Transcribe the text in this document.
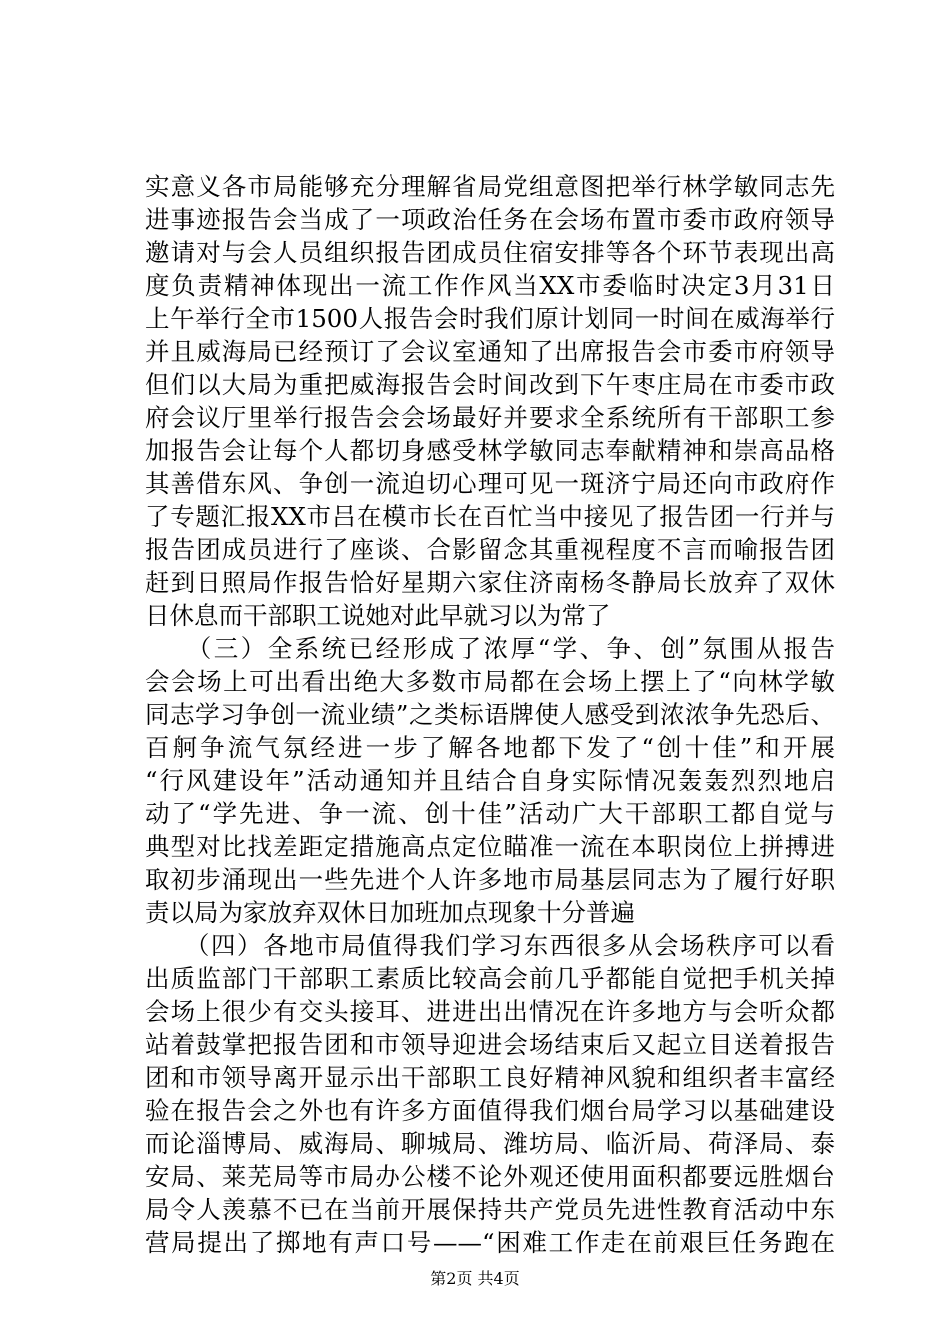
实意义各市局能够充分理解省局党组意图把举行林学敏同志先
进事迹报告会当成了一项政治任务在会场布置市委市政府领导
邀请对与会人员组织报告团成员住宿安排等各个环节表现出高
度负责精神体现出一流工作作风当XX市委临时决定3月31日
上午举行全市1500人报告会时我们原计划同一时间在威海举行
并且威海局已经预订了会议室通知了出席报告会市委市府领导
但们以大局为重把威海报告会时间改到下午枣庄局在市委市政
府会议厅里举行报告会会场最好并要求全系统所有干部职工参
加报告会让每个人都切身感受林学敏同志奉献精神和崇高品格
其善借东风、争创一流迫切心理可见一斑济宁局还向市政府作
了专题汇报XX市吕在模市长在百忙当中接见了报告团一行并与
报告团成员进行了座谈、合影留念其重视程度不言而喻报告团
赶到日照局作报告恰好星期六家住济南杨冬静局长放弃了双休
日休息而干部职工说她对此早就习以为常了
　　（三）全系统已经形成了浓厚“学、争、创”氛围从报告
会会场上可出看出绝大多数市局都在会场上摆上了“向林学敏
同志学习争创一流业绩”之类标语牌使人感受到浓浓争先恐后、
百舸争流气氛经进一步了解各地都下发了“创十佳”和开展
“行风建设年”活动通知并且结合自身实际情况轰轰烈烈地启
动了“学先进、争一流、创十佳”活动广大干部职工都自觉与
典型对比找差距定措施高点定位瞄准一流在本职岗位上拼搏进
取初步涌现出一些先进个人许多地市局基层同志为了履行好职
责以局为家放弃双休日加班加点现象十分普遍
　　（四）各地市局值得我们学习东西很多从会场秩序可以看
出质监部门干部职工素质比较高会前几乎都能自觉把手机关掉
会场上很少有交头接耳、进进出出情况在许多地方与会听众都
站着鼓掌把报告团和市领导迎进会场结束后又起立目送着报告
团和市领导离开显示出干部职工良好精神风貌和组织者丰富经
验在报告会之外也有许多方面值得我们烟台局学习以基础建设
而论淄博局、威海局、聊城局、潍坊局、临沂局、荷泽局、泰
安局、莱芜局等市局办公楼不论外观还使用面积都要远胜烟台
局令人羡慕不已在当前开展保持共产党员先进性教育活动中东
营局提出了掷地有声口号——“困难工作走在前艰巨任务跑在
第2页 共4页
